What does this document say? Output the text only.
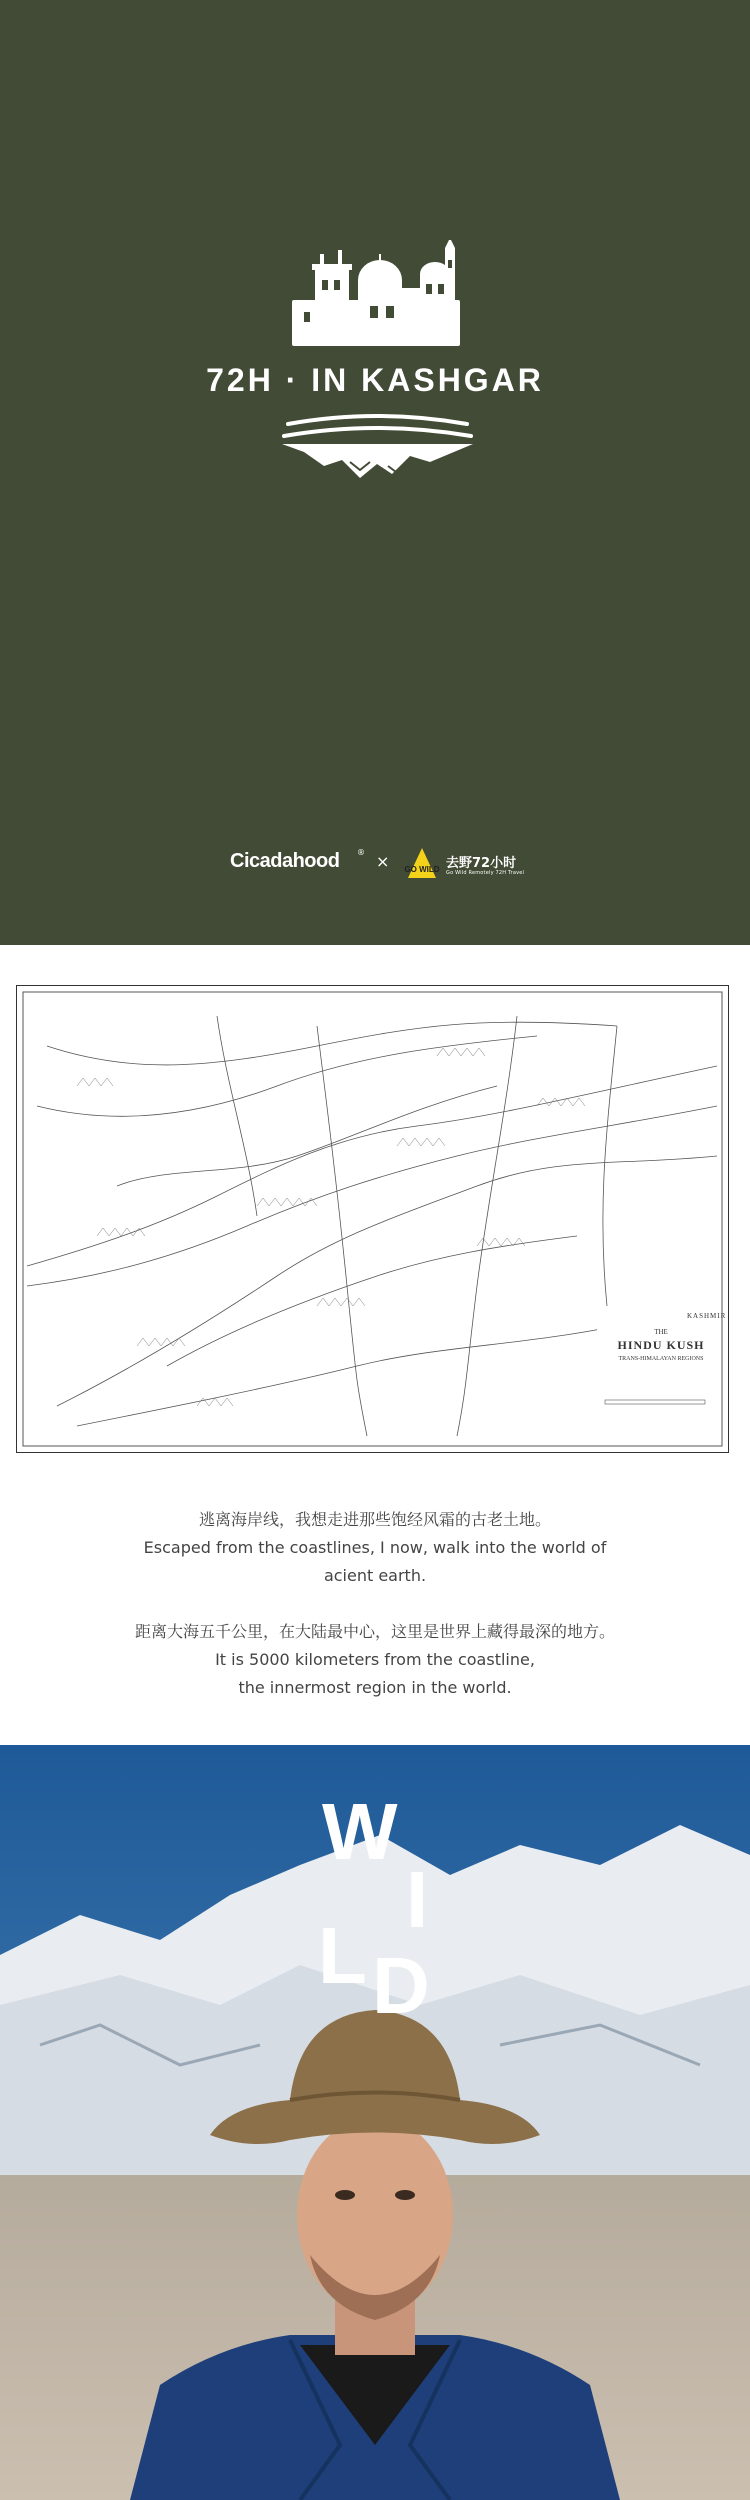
72H · IN KASHGAR
Cicadahood ® × GO WILD 去野72小时
Go Wild Remotely 72H Travel
KASHMIR
THE
HINDU KUSH
TRANS-HIMALAYAN REGIONS
逃离海岸线，我想走进那些饱经风霜的古老土地。
Escaped from the coastlines, I now, walk into the world of
acient earth.
距离大海五千公里，在大陆最中心，这里是世界上藏得最深的地方。
It is 5000 kilometers from the coastline,
the innermost region in the world.
W
I
L D
